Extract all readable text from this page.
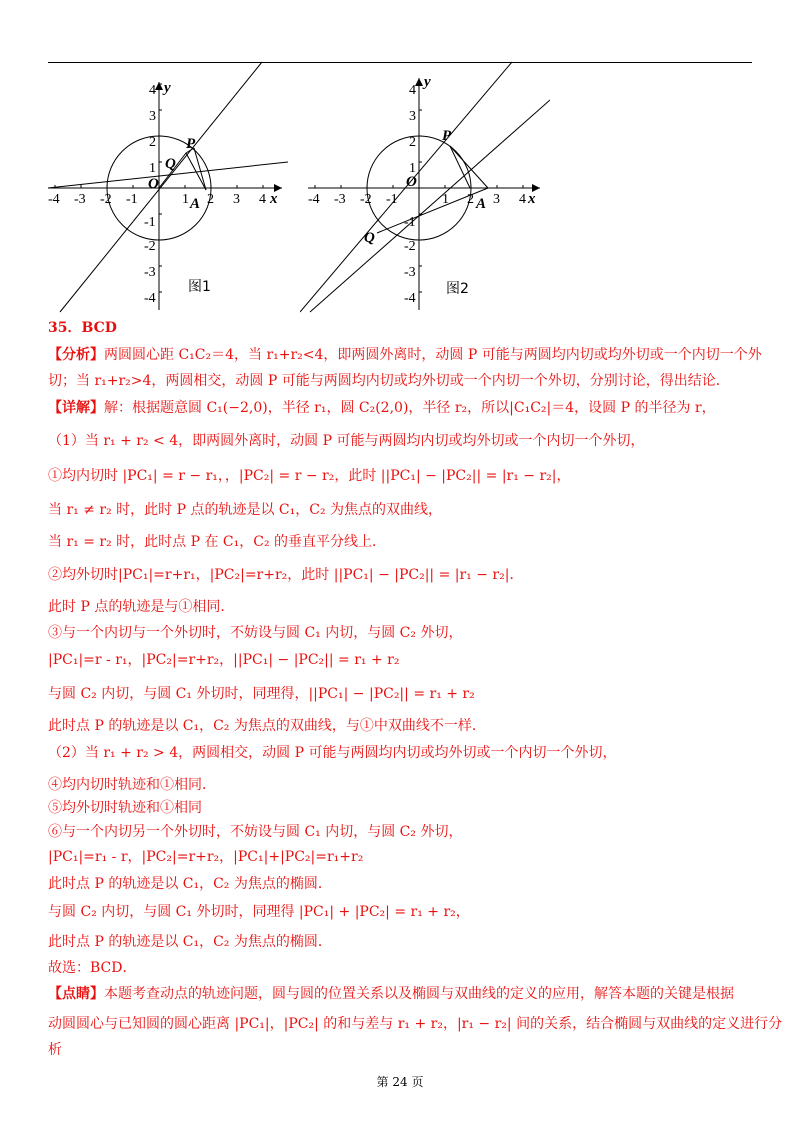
-4 -3 -2 -1	1 2 3 4 x
y
4
3
2
1
-1
-2
-3
-4
O
P
Q
A
图1
-4 -3 -2 -1	1 2 3 4 x
y
4
3
2
1
-1
-2
-3
-4
O
P
Q
A
图2
35．BCD
【分析】两圆圆心距 C₁C₂＝4，当 r₁+r₂<4，即两圆外离时，动圆 P 可能与两圆均内切或均外切或一个内切一个外
切；当 r₁+r₂>4，两圆相交，动圆 P 可能与两圆均内切或均外切或一个内切一个外切，分别讨论，得出结论．
【详解】解：根据题意圆 C₁(−2,0)，半径 r₁，圆 C₂(2,0)，半径 r₂，所以|C₁C₂|＝4，设圆 P 的半径为 r，
（1）当 r₁ + r₂ < 4，即两圆外离时，动圆 P 可能与两圆均内切或均外切或一个内切一个外切，
①均内切时 |PC₁| = r − r₁，，|PC₂| = r − r₂，此时 ||PC₁| − |PC₂|| = |r₁ − r₂|，
当 r₁ ≠ r₂ 时，此时 P 点的轨迹是以 C₁，C₂ 为焦点的双曲线，
当 r₁ = r₂ 时，此时点 P 在 C₁，C₂ 的垂直平分线上．
②均外切时|PC₁|=r+r₁，|PC₂|=r+r₂，此时 ||PC₁| − |PC₂|| = |r₁ − r₂|．
此时 P 点的轨迹是与①相同．
③与一个内切与一个外切时，不妨设与圆 C₁ 内切，与圆 C₂ 外切，
|PC₁|=r - r₁，|PC₂|=r+r₂，||PC₁| − |PC₂|| = r₁ + r₂
与圆 C₂ 内切，与圆 C₁ 外切时，同理得，||PC₁| − |PC₂|| = r₁ + r₂
此时点 P 的轨迹是以 C₁，C₂ 为焦点的双曲线，与①中双曲线不一样．
（2）当 r₁ + r₂ > 4，两圆相交，动圆 P 可能与两圆均内切或均外切或一个内切一个外切，
④均内切时轨迹和①相同．
⑤均外切时轨迹和①相同
⑥与一个内切另一个外切时，不妨设与圆 C₁ 内切，与圆 C₂ 外切，
|PC₁|=r₁ - r，|PC₂|=r+r₂，|PC₁|+|PC₂|=r₁+r₂
此时点 P 的轨迹是以 C₁，C₂ 为焦点的椭圆．
与圆 C₂ 内切，与圆 C₁ 外切时，同理得 |PC₁| + |PC₂| = r₁ + r₂，
此时点 P 的轨迹是以 C₁，C₂ 为焦点的椭圆．
故选：BCD．
【点睛】本题考查动点的轨迹问题，圆与圆的位置关系以及椭圆与双曲线的定义的应用，解答本题的关键是根据
动圆圆心与已知圆的圆心距离 |PC₁|，|PC₂| 的和与差与 r₁ + r₂，|r₁ − r₂| 间的关系，结合椭圆与双曲线的定义进行分
析
第 24 页
